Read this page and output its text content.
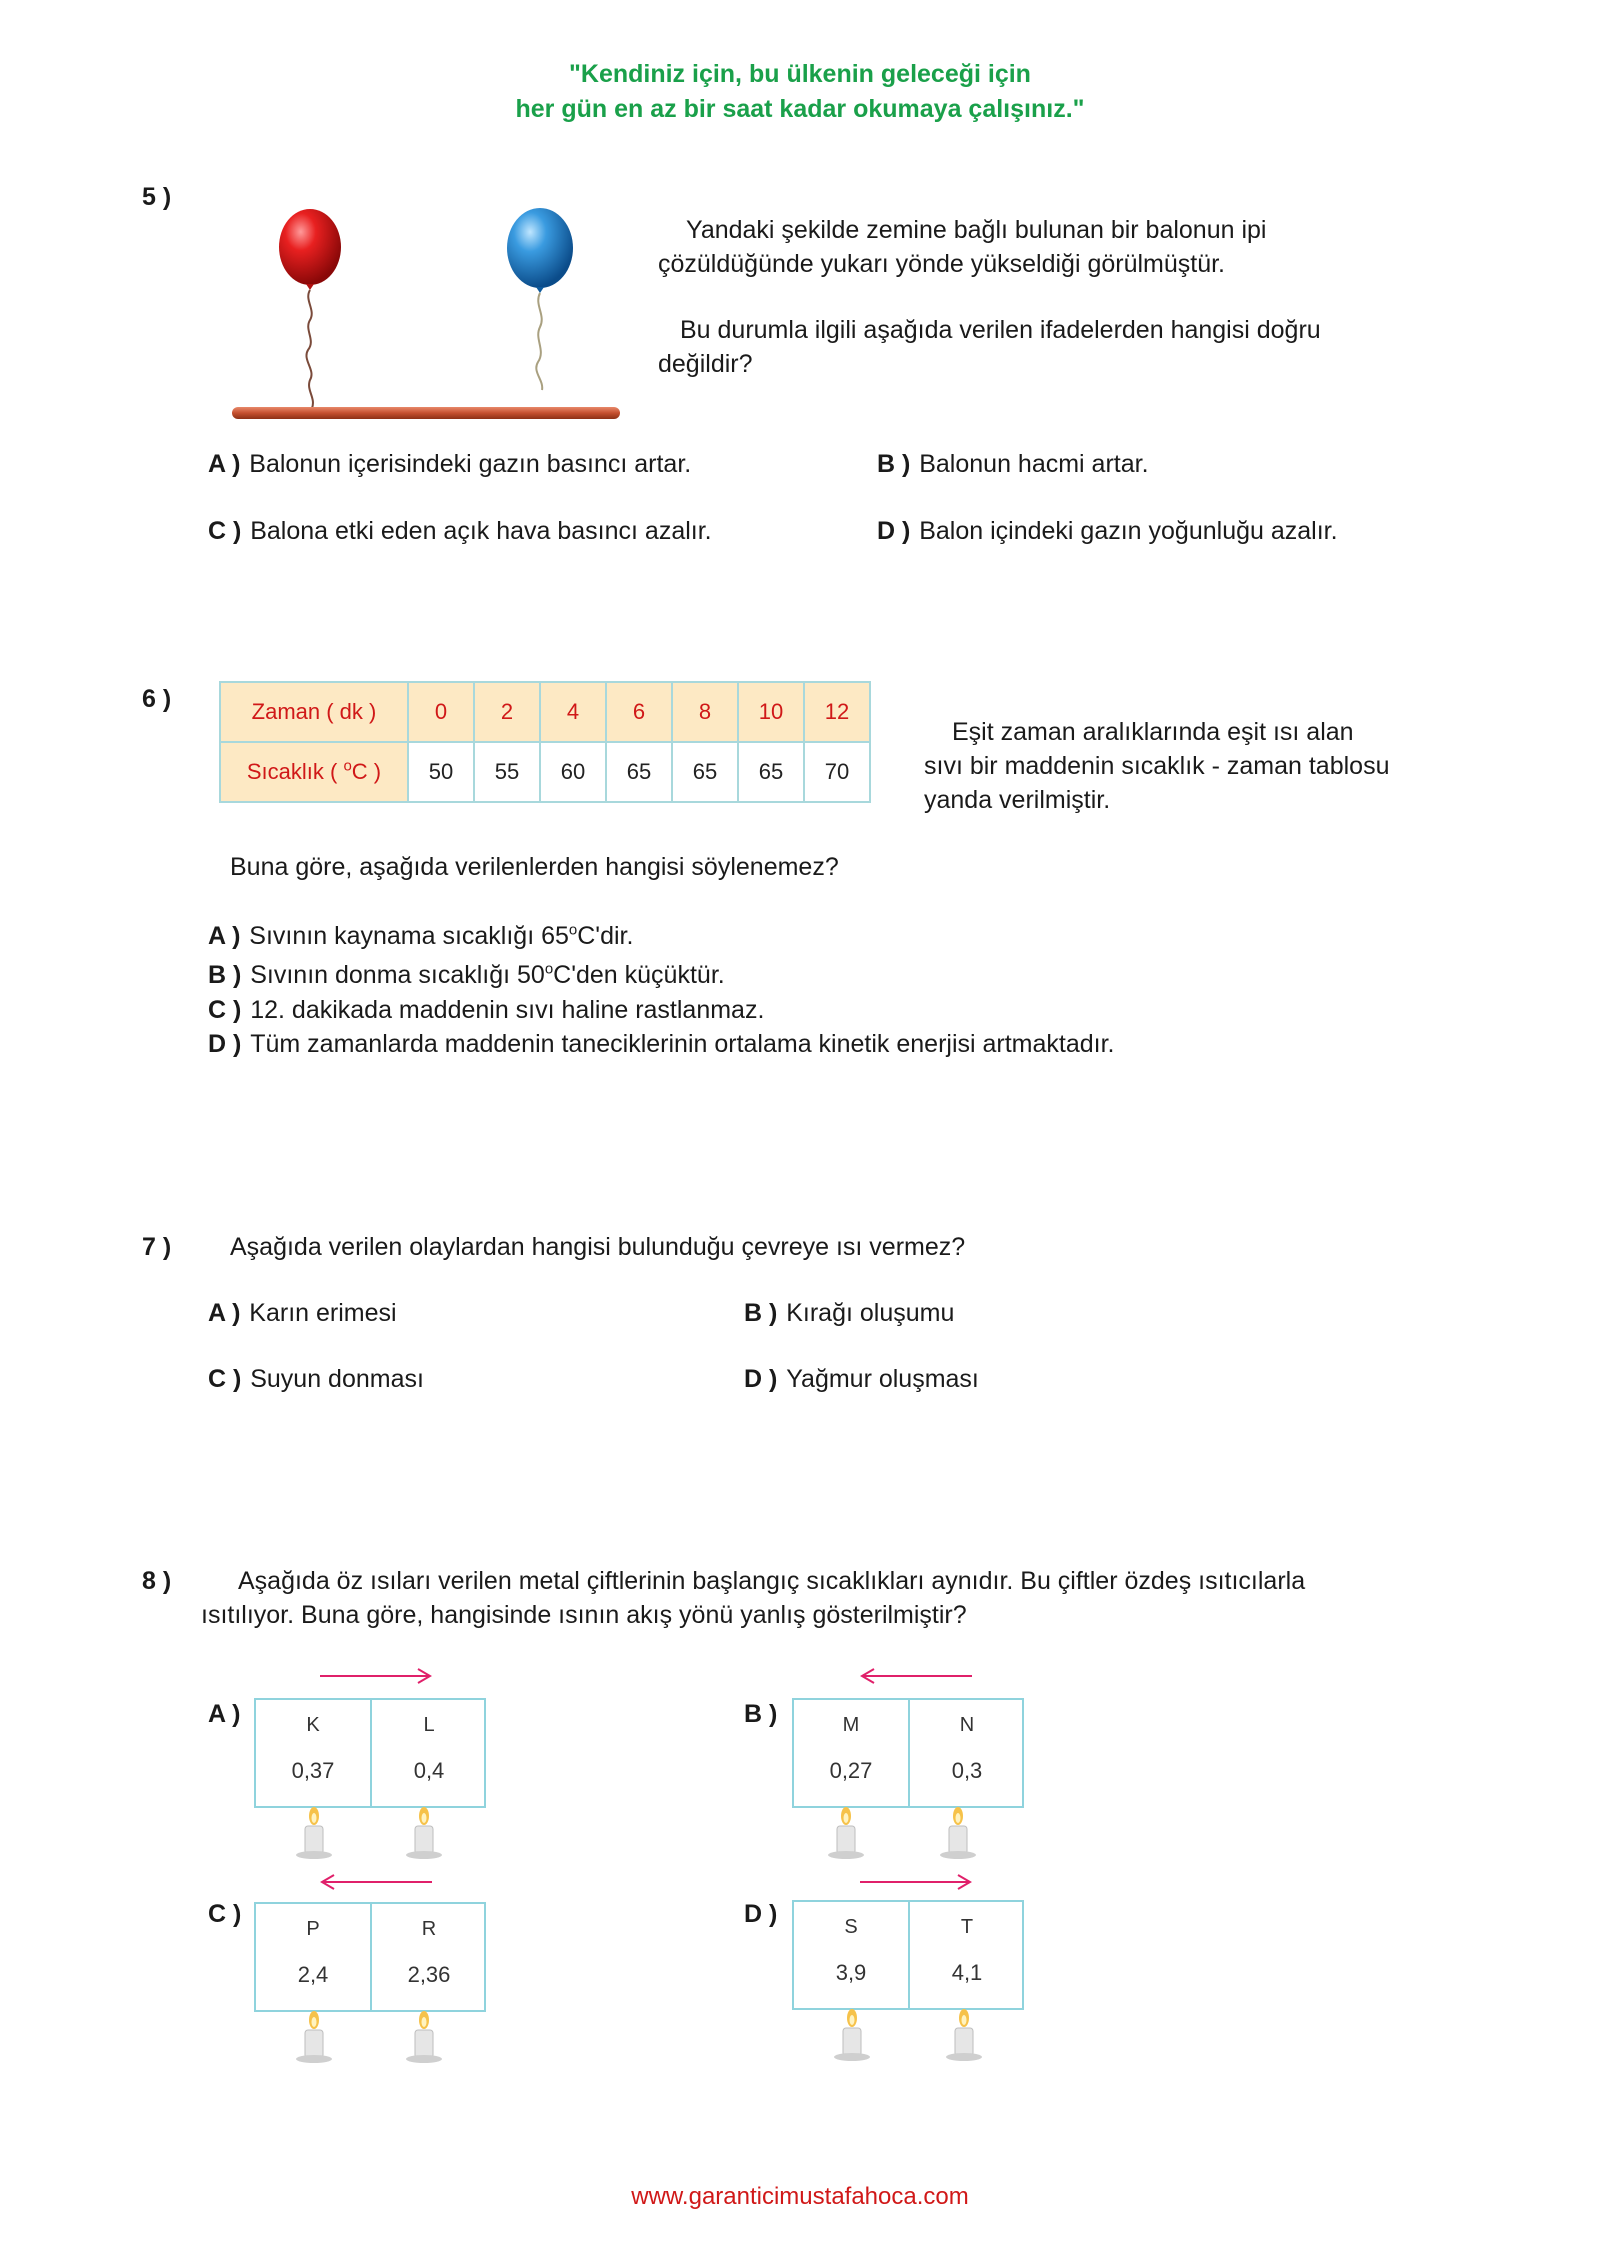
"Kendiniz için, bu ülkenin geleceği için
her gün en az bir saat kadar okumaya çalışınız."
5 )
Yandaki şekilde zemine bağlı bulunan bir balonun ipi
çözüldüğünde yukarı yönde yükseldiği görülmüştür.
Bu durumla ilgili aşağıda verilen ifadelerden hangisi doğru
değildir?
A ) Balonun içerisindeki gazın basıncı artar.	B ) Balonun hacmi artar.
C ) Balona etki eden açık hava basıncı azalır.	D ) Balon içindeki gazın yoğunluğu azalır.
6 )	Zaman ( dk )	0	2	4	6	8	10	12
Sıcaklık ( $^o$C )	50	55	60	65	65	65	70
Eşit zaman aralıklarında eşit ısı alan
sıvı bir maddenin sıcaklık - zaman tablosu
yanda verilmiştir.
Buna göre, aşağıda verilenlerden hangisi söylenemez?
A ) Sıvının kaynama sıcaklığı 65$^o$C'dir.
B ) Sıvının donma sıcaklığı 50$^o$C'den küçüktür.
C ) 12. dakikada maddenin sıvı haline rastlanmaz.
D ) Tüm zamanlarda maddenin taneciklerinin ortalama kinetik enerjisi artmaktadır.
7 ) Aşağıda verilen olaylardan hangisi bulunduğu çevreye ısı vermez?
A ) Karın erimesi	B ) Kırağı oluşumu
C ) Suyun donması	D ) Yağmur oluşması
8 )	Aşağıda öz ısıları verilen metal çiftlerinin başlangıç sıcaklıkları aynıdır. Bu çiftler özdeş ısıtıcılarla
ısıtılıyor. Buna göre, hangisinde ısının akış yönü yanlış gösterilmiştir?
A )	K
0,37
L
0,4
B )	M
0,27
N
0,3
C )
P
2,4
R
2,36
D )	S
3,9
T
4,1
www.garanticimustafahoca.com
